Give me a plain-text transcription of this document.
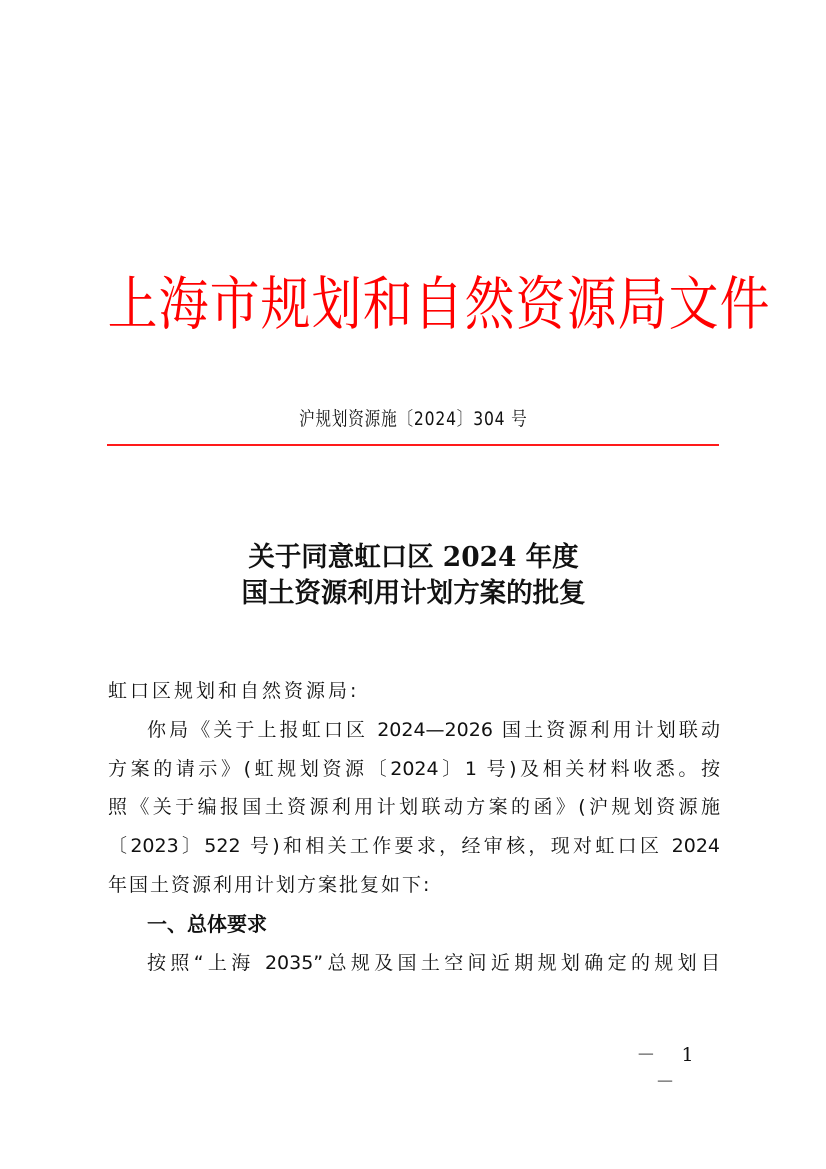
上 海 市 规 划 和 自 然 资 源 局 文 件
沪规划资源施〔2024〕304 号
关于同意虹口区 2024 年度
国土资源利用计划方案的批复
虹口区规划和自然资源局:
你局《关于上报虹口区 2024—2026 国土资源利用计划联动
方案的请示》(虹规划资源〔2024〕1 号)及相关材料收悉。按
照《关于编报国土资源利用计划联动方案的函》(沪规划资源施
〔2023〕522 号)和相关工作要求，经审核，现对虹口区 2024
年国土资源利用计划方案批复如下:
一、总体要求
按照“上海 2035”总规及国土空间近期规划确定的规划目
－ 1 －
